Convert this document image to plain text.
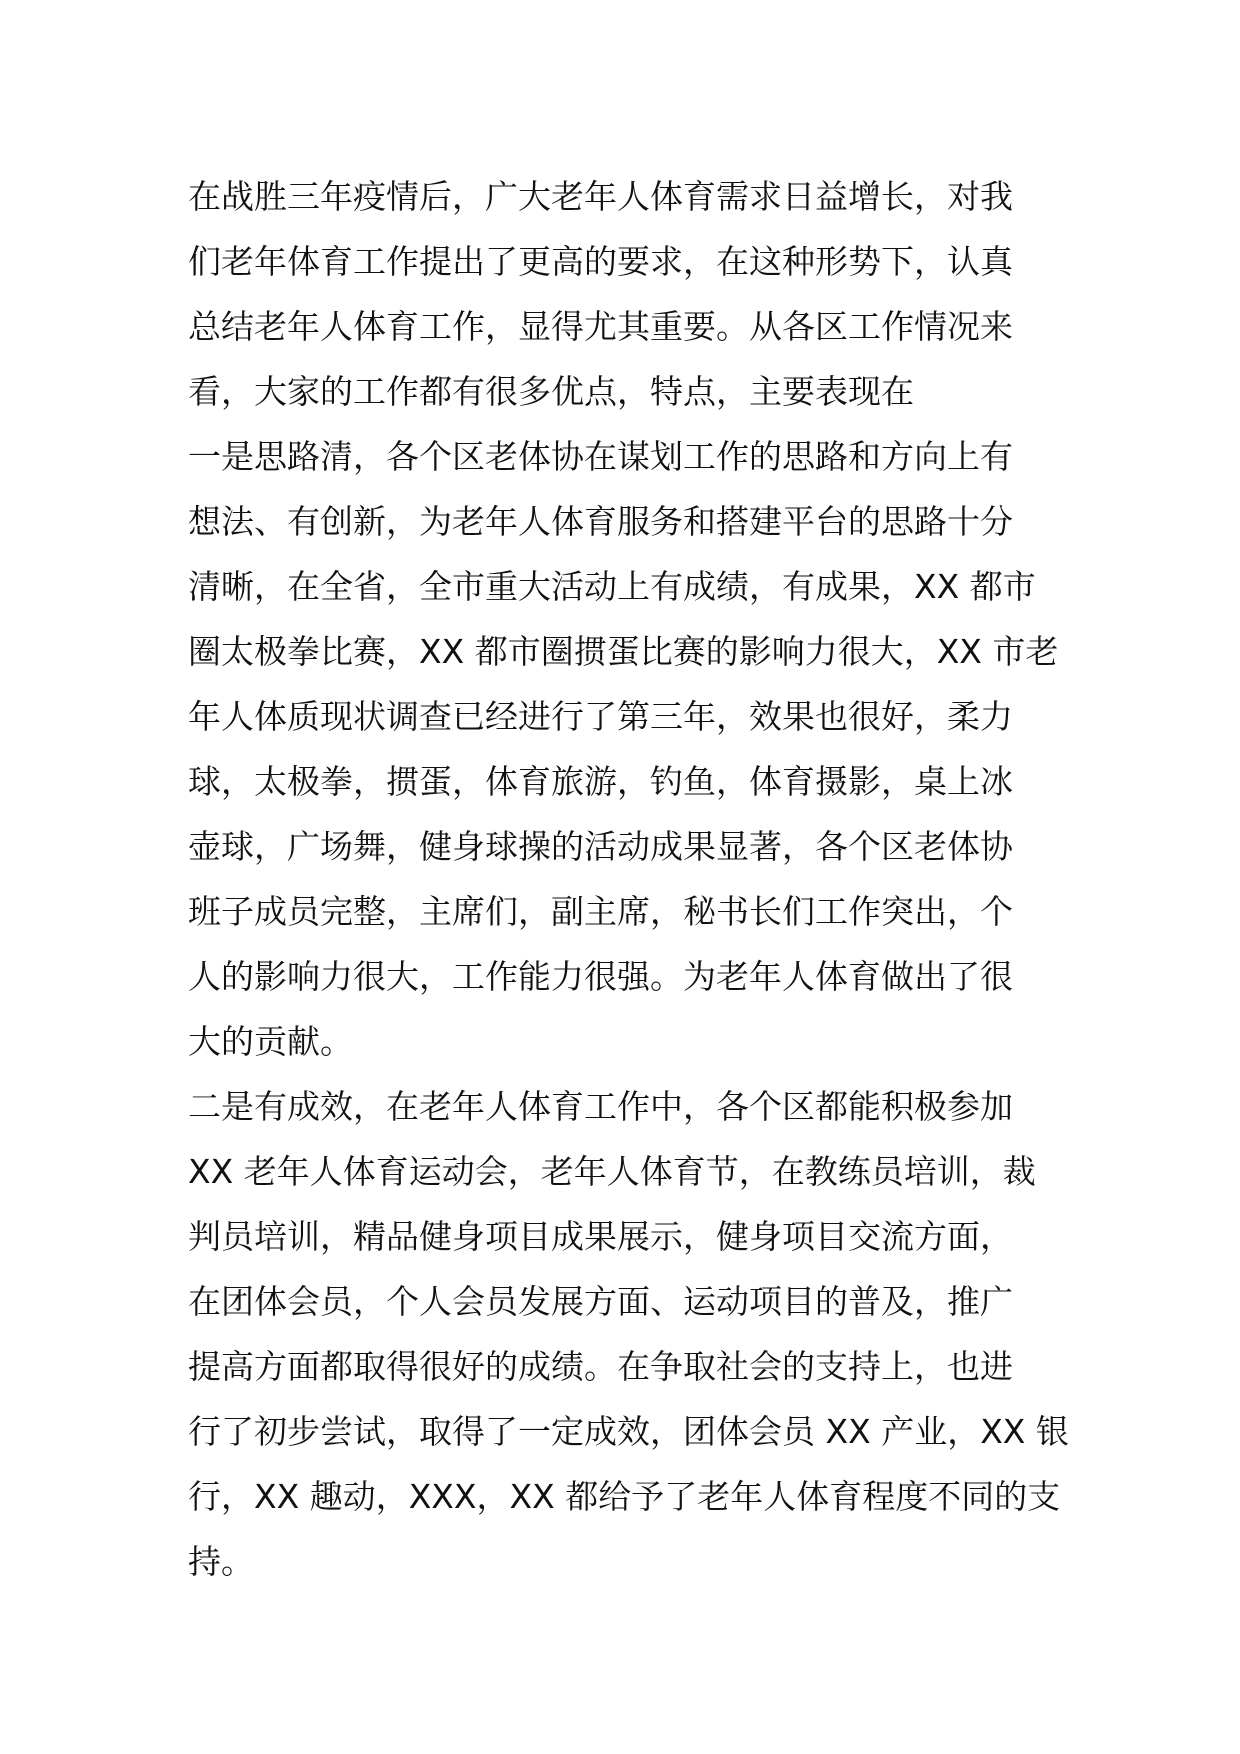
在战胜三年疫情后，广大老年人体育需求日益增长，对我
们老年体育工作提出了更高的要求，在这种形势下，认真
总结老年人体育工作，显得尤其重要。从各区工作情况来
看，大家的工作都有很多优点，特点，主要表现在
一是思路清，各个区老体协在谋划工作的思路和方向上有
想法、有创新，为老年人体育服务和搭建平台的思路十分
清晰，在全省，全市重大活动上有成绩，有成果，XX 都市
圈太极拳比赛，XX 都市圈掼蛋比赛的影响力很大，XX 市老
年人体质现状调查已经进行了第三年，效果也很好，柔力
球，太极拳，掼蛋，体育旅游，钓鱼，体育摄影，桌上冰
壶球，广场舞，健身球操的活动成果显著，各个区老体协
班子成员完整，主席们，副主席，秘书长们工作突出，个
人的影响力很大，工作能力很强。为老年人体育做出了很
大的贡献。
二是有成效，在老年人体育工作中，各个区都能积极参加
XX 老年人体育运动会，老年人体育节，在教练员培训，裁
判员培训，精品健身项目成果展示，健身项目交流方面，
在团体会员，个人会员发展方面、运动项目的普及，推广
提高方面都取得很好的成绩。在争取社会的支持上，也进
行了初步尝试，取得了一定成效，团体会员 XX 产业，XX 银
行，XX 趣动，XXX，XX 都给予了老年人体育程度不同的支
持。
